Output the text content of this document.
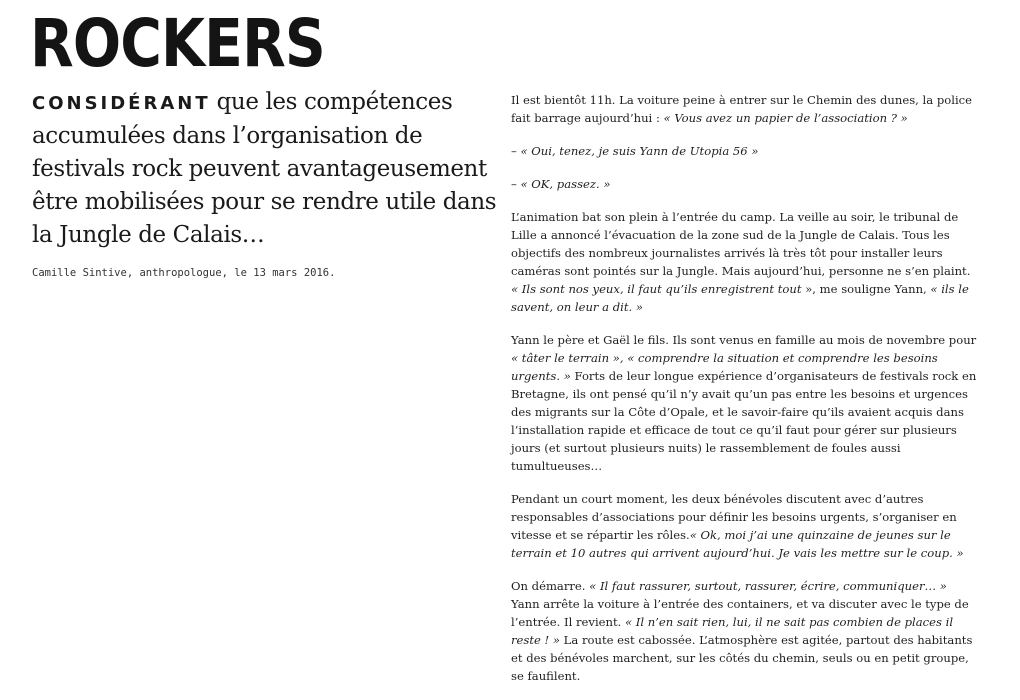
ROCKERS

CONSIDÉRANT que les compétences accumulées dans l’organisation de festivals rock peuvent avantageusement être mobilisées pour se rendre utile dans la Jungle de Calais…

Camille Sintive, anthropologue, le 13 mars 2016.

Il est bientôt 11h. La voiture peine à entrer sur le Chemin des dunes, la police fait barrage aujourd’hui : « Vous avez un papier de l’association ? »

– « Oui, tenez, je suis Yann de Utopia 56 »

– « OK, passez. »

L’animation bat son plein à l’entrée du camp. La veille au soir, le tribunal de Lille a annoncé l’évacuation de la zone sud de la Jungle de Calais. Tous les objectifs des nombreux journalistes arrivés là très tôt pour installer leurs caméras sont pointés sur la Jungle. Mais aujourd’hui, personne ne s’en plaint. « Ils sont nos yeux, il faut qu’ils enregistrent tout », me souligne Yann, « ils le savent, on leur a dit. »

Yann le père et Gaël le fils. Ils sont venus en famille au mois de novembre pour « tâter le terrain », « comprendre la situation et comprendre les besoins urgents. » Forts de leur longue expérience d’organisateurs de festivals rock en Bretagne, ils ont pensé qu’il n’y avait qu’un pas entre les besoins et urgences des migrants sur la Côte d’Opale, et le savoir-faire qu’ils avaient acquis dans l’installation rapide et efficace de tout ce qu’il faut pour gérer sur plusieurs jours (et surtout plusieurs nuits) le rassemblement de foules aussi tumultueuses…

Pendant un court moment, les deux bénévoles discutent avec d’autres responsables d’associations pour définir les besoins urgents, s’organiser en vitesse et se répartir les rôles.« Ok, moi j’ai une quinzaine de jeunes sur le terrain et 10 autres qui arrivent aujourd’hui. Je vais les mettre sur le coup. »

On démarre. « Il faut rassurer, surtout, rassurer, écrire, communiquer… » Yann arrête la voiture à l’entrée des containers, et va discuter avec le type de l’entrée. Il revient. « Il n’en sait rien, lui, il ne sait pas combien de places il reste ! » La route est cabossée. L’atmosphère est agitée, partout des habitants et des bénévoles marchent, sur les côtés du chemin, seuls ou en petit groupe, se faufilent.
